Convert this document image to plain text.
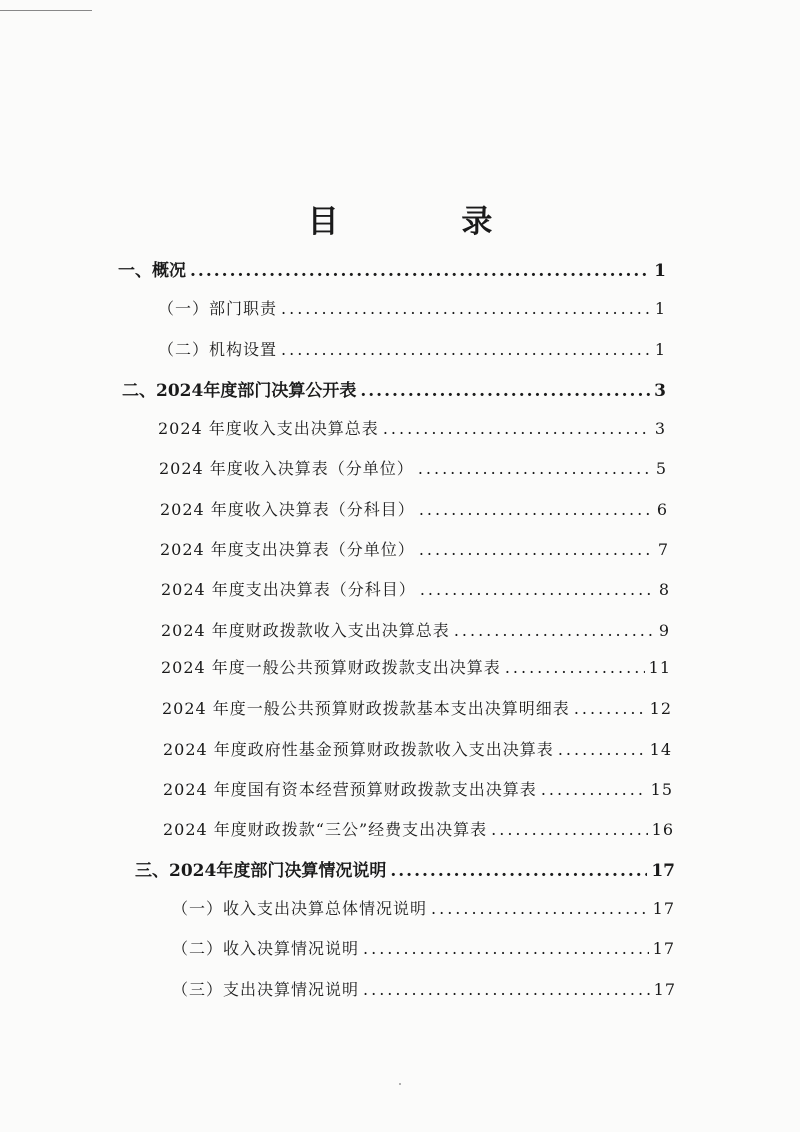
目 录
一、概况 .....	1
（一）部门职责 .....	1
（二）机构设置 .....	1
二、2024年度部门决算公开表 .....	3
2024 年度收入支出决算总表 .....	3
2024 年度收入决算表（分单位） .....	5
2024 年度收入决算表（分科目） .....	6
2024 年度支出决算表（分单位） .....	7
2024 年度支出决算表（分科目） .....	8
2024 年度财政拨款收入支出决算总表 .....	9
2024 年度一般公共预算财政拨款支出决算表 .....	11
2024 年度一般公共预算财政拨款基本支出决算明细表 .....	12
2024 年度政府性基金预算财政拨款收入支出决算表 .....	14
2024 年度国有资本经营预算财政拨款支出决算表 .....	15
2024 年度财政拨款“三公”经费支出决算表 .....	16
三、2024年度部门决算情况说明 .....	17
（一）收入支出决算总体情况说明 .....	17
（二）收入决算情况说明 .....	17
（三）支出决算情况说明 .....	17
